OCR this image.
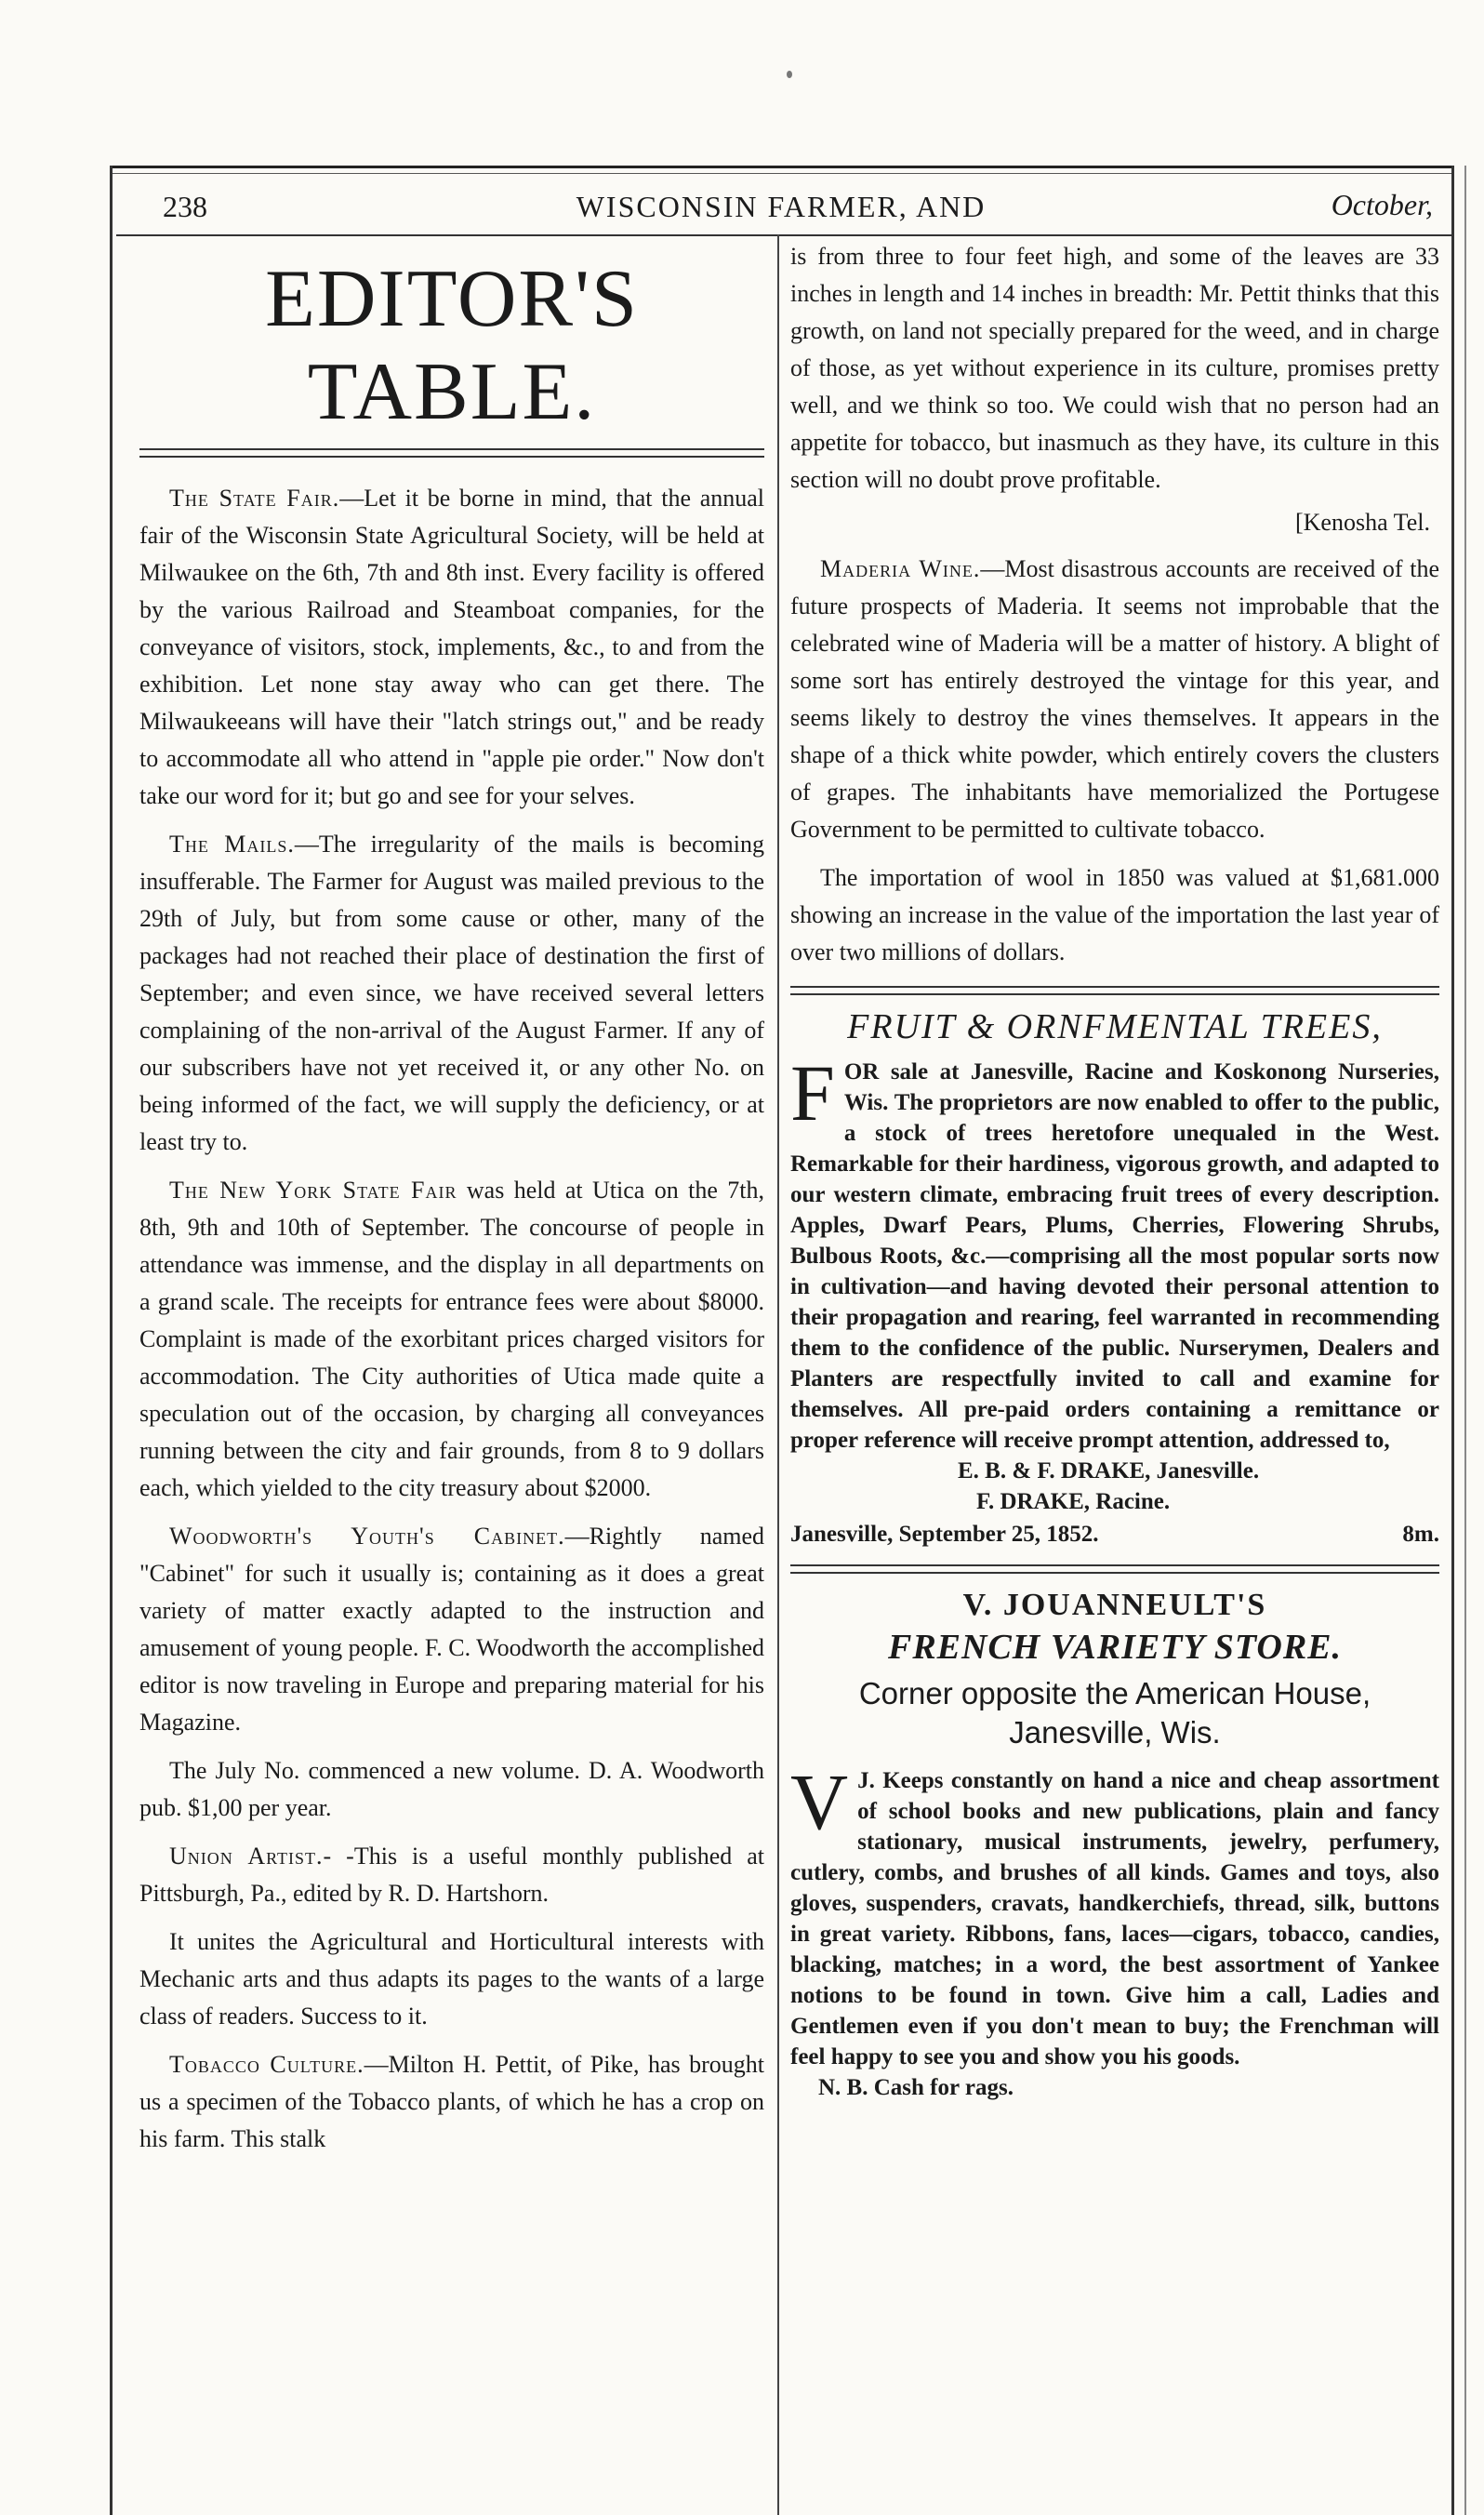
238	WISCONSIN FARMER, AND	October,
EDITOR'S TABLE.

The State Fair.—Let it be borne in mind, that the annual fair of the Wisconsin State Agricultural Society, will be held at Milwaukee on the 6th, 7th and 8th inst. Every facility is offered by the various Railroad and Steamboat companies, for the conveyance of visitors, stock, implements, &c., to and from the exhibition. Let none stay away who can get there. The Milwaukeeans will have their "latch strings out," and be ready to accommodate all who attend in "apple pie order." Now don't take our word for it; but go and see for your selves.

The Mails.—The irregularity of the mails is becoming insufferable. The Farmer for August was mailed previous to the 29th of July, but from some cause or other, many of the packages had not reached their place of destination the first of September; and even since, we have received several letters complaining of the non-arrival of the August Farmer. If any of our subscribers have not yet received it, or any other No. on being informed of the fact, we will supply the deficiency, or at least try to.

The New York State Fair was held at Utica on the 7th, 8th, 9th and 10th of September. The concourse of people in attendance was immense, and the display in all departments on a grand scale. The receipts for entrance fees were about $8000. Complaint is made of the exorbitant prices charged visitors for accommodation. The City authorities of Utica made quite a speculation out of the occasion, by charging all conveyances running between the city and fair grounds, from 8 to 9 dollars each, which yielded to the city treasury about $2000.

Woodworth's Youth's Cabinet.—Rightly named "Cabinet" for such it usually is; containing as it does a great variety of matter exactly adapted to the instruction and amusement of young people. F. C. Woodworth the accomplished editor is now traveling in Europe and preparing material for his Magazine.

The July No. commenced a new volume. D. A. Woodworth pub. $1,00 per year.

Union Artist.- -This is a useful monthly published at Pittsburgh, Pa., edited by R. D. Hartshorn.

It unites the Agricultural and Horticultural interests with Mechanic arts and thus adapts its pages to the wants of a large class of readers. Success to it.

Tobacco Culture.—Milton H. Pettit, of Pike, has brought us a specimen of the Tobacco plants, of which he has a crop on his farm. This stalk

is from three to four feet high, and some of the leaves are 33 inches in length and 14 inches in breadth: Mr. Pettit thinks that this growth, on land not specially prepared for the weed, and in charge of those, as yet without experience in its culture, promises pretty well, and we think so too. We could wish that no person had an appetite for tobacco, but inasmuch as they have, its culture in this section will no doubt prove profitable.

[Kenosha Tel.

Maderia Wine.—Most disastrous accounts are received of the future prospects of Maderia. It seems not improbable that the celebrated wine of Maderia will be a matter of history. A blight of some sort has entirely destroyed the vintage for this year, and seems likely to destroy the vines themselves. It appears in the shape of a thick white powder, which entirely covers the clusters of grapes. The inhabitants have memorialized the Portugese Government to be permitted to cultivate tobacco.

The importation of wool in 1850 was valued at $1,681.000 showing an increase in the value of the importation the last year of over two millions of dollars.

FRUIT & ORNFMENTAL TREES,
FOR sale at Janesville, Racine and Koskonong Nurseries, Wis. The proprietors are now enabled to offer to the public, a stock of trees heretofore unequaled in the West. Remarkable for their hardiness, vigorous growth, and adapted to our western climate, embracing fruit trees of every description. Apples, Dwarf Pears, Plums, Cherries, Flowering Shrubs, Bulbous Roots, &c.—comprising all the most popular sorts now in cultivation—and having devoted their personal attention to their propagation and rearing, feel warranted in recommending them to the confidence of the public. Nurserymen, Dealers and Planters are respectfully invited to call and examine for themselves. All pre-paid orders containing a remittance or proper reference will receive prompt attention, addressed to,
E. B. & F. DRAKE, Janesville.
F. DRAKE, Racine.
Janesville, September 25, 1852.	8m.
V. JOUANNEULT'S
FRENCH VARIETY STORE.
Corner opposite the American House, Janesville, Wis.
V J. Keeps constantly on hand a nice and cheap assortment of school books and new publications, plain and fancy stationary, musical instruments, jewelry, perfumery, cutlery, combs, and brushes of all kinds. Games and toys, also gloves, suspenders, cravats, handkerchiefs, thread, silk, buttons in great variety. Ribbons, fans, laces—cigars, tobacco, candies, blacking, matches; in a word, the best assortment of Yankee notions to be found in town. Give him a call, Ladies and Gentlemen even if you don't mean to buy; the Frenchman will feel happy to see you and show you his goods.
N. B. Cash for rags.
